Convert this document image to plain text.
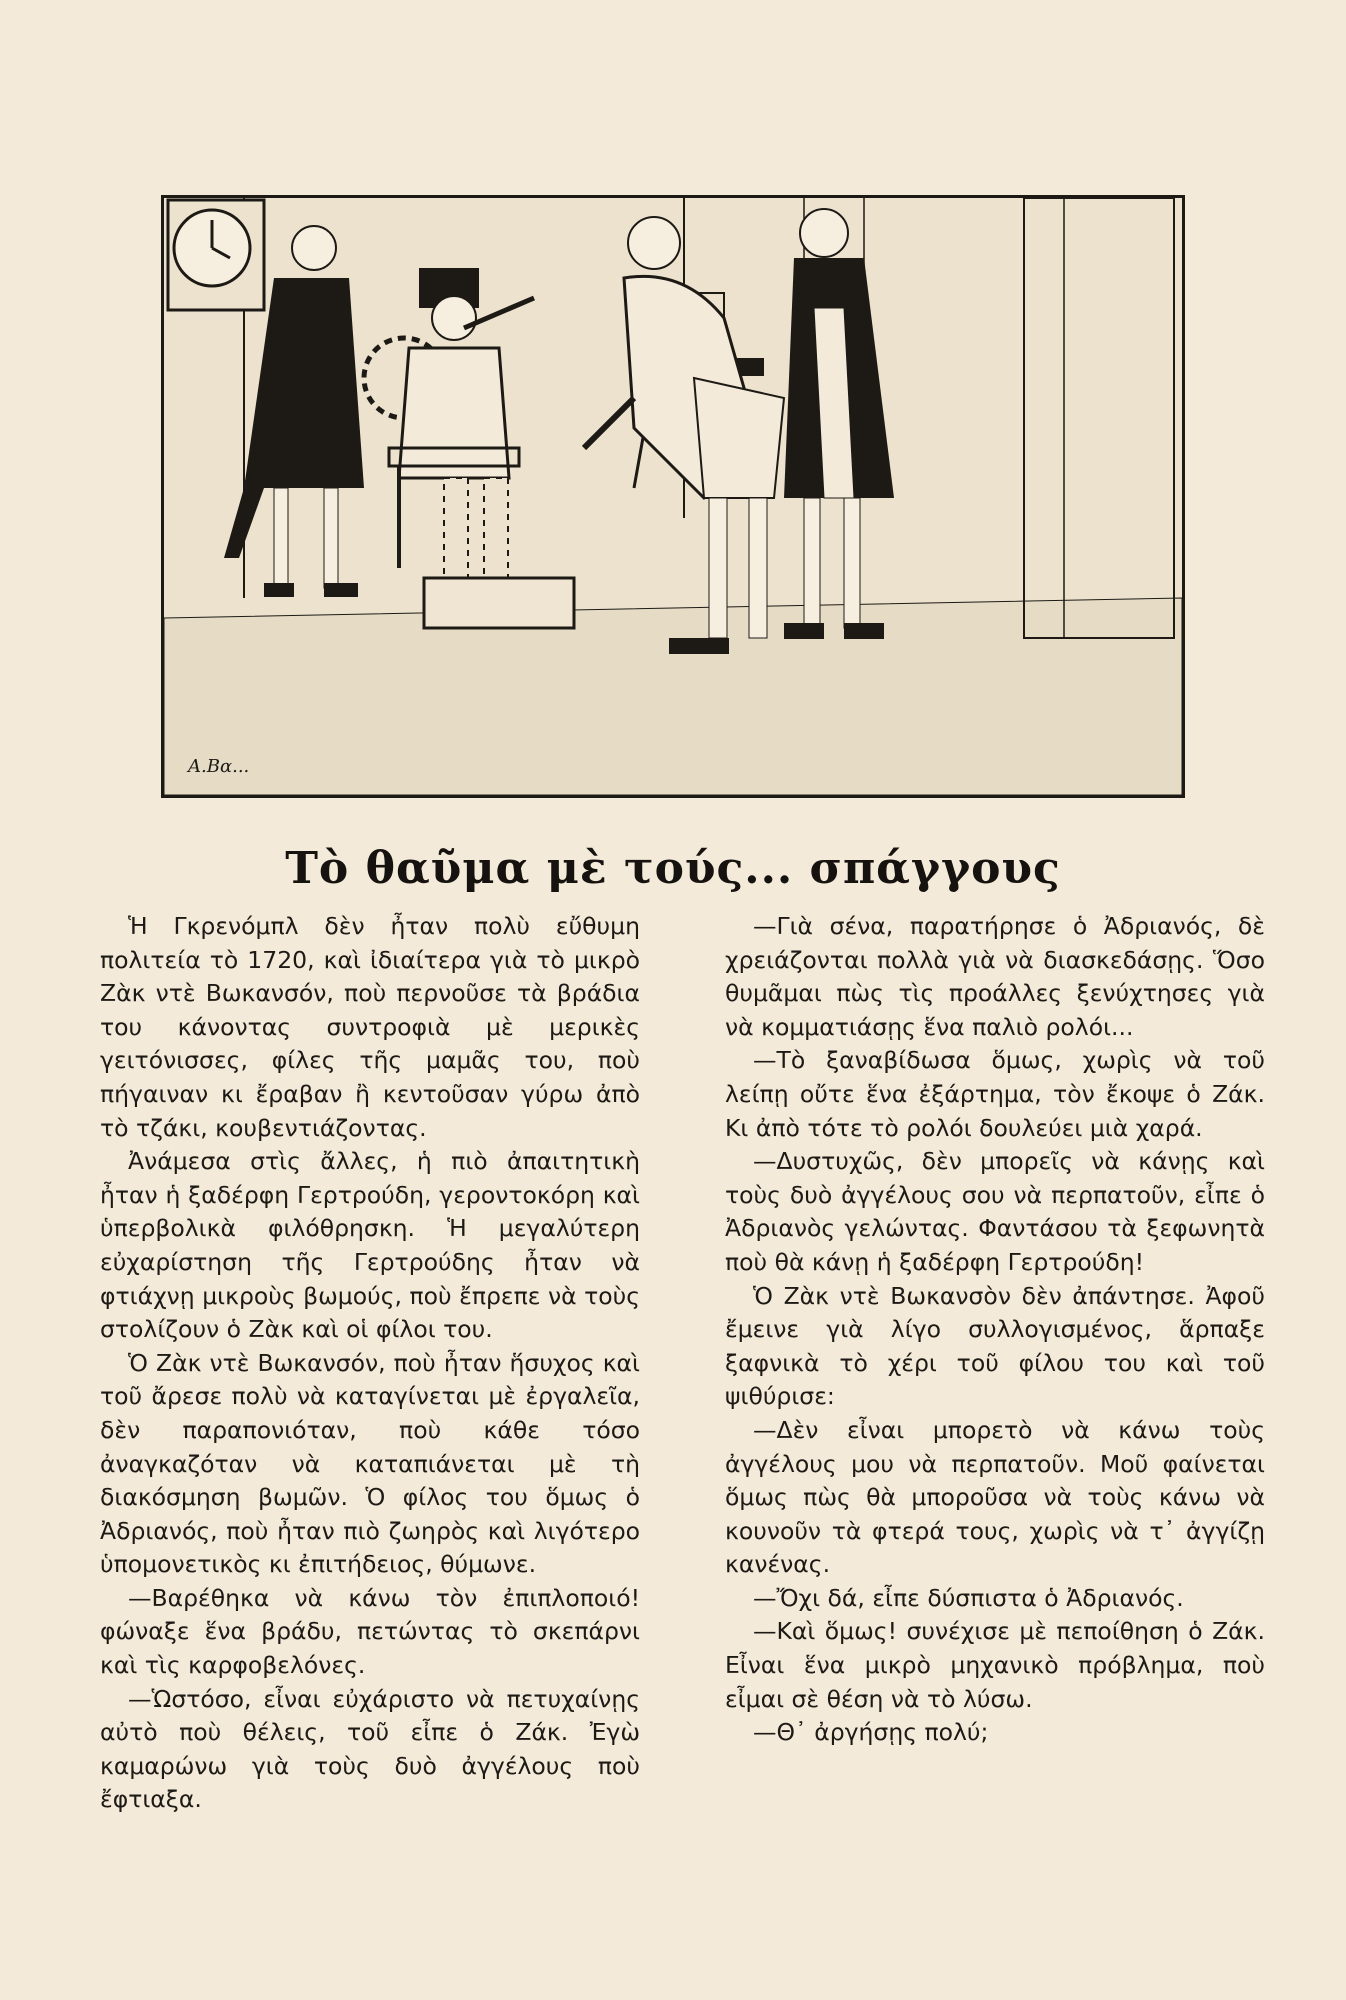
Α.Βα...
Τὸ θαῦμα μὲ τούς... σπάγγους

Ἡ Γκρενόμπλ δὲν ἦταν πολὺ εὔθυμη πολιτεία τὸ 1720, καὶ ἰδιαίτερα γιὰ τὸ μικρὸ Ζὰκ ντὲ Βωκανσόν, ποὺ περνοῦσε τὰ βράδια του κάνοντας συντροφιὰ μὲ μερικὲς γειτόνισσες, φίλες τῆς μαμᾶς του, ποὺ πήγαιναν κι ἔραβαν ἢ κεντοῦσαν γύρω ἀπὸ τὸ τζάκι, κουβεντιάζοντας.

Ἀνάμεσα στὶς ἄλλες, ἡ πιὸ ἀπαιτητικὴ ἦταν ἡ ξαδέρφη Γερτρούδη, γεροντοκόρη καὶ ὑπερβολικὰ φιλόθρησκη. Ἡ μεγαλύτερη εὐχαρίστηση τῆς Γερτρούδης ἦταν νὰ φτιάχνῃ μικροὺς βωμούς, ποὺ ἔπρεπε νὰ τοὺς στολίζουν ὁ Ζὰκ καὶ οἱ φίλοι του.

Ὁ Ζὰκ ντὲ Βωκανσόν, ποὺ ἦταν ἥσυχος καὶ τοῦ ἄρεσε πολὺ νὰ καταγίνεται μὲ ἐργαλεῖα, δὲν παραπονιόταν, ποὺ κάθε τόσο ἀναγκαζόταν νὰ καταπιάνεται μὲ τὴ διακόσμηση βωμῶν. Ὁ φίλος του ὅμως ὁ Ἀδριανός, ποὺ ἦταν πιὸ ζωηρὸς καὶ λιγότερο ὑπομονετικὸς κι ἐπιτήδειος, θύμωνε.

—Βαρέθηκα νὰ κάνω τὸν ἐπιπλοποιό! φώναξε ἕνα βράδυ, πετώντας τὸ σκεπάρνι καὶ τὶς καρφοβελόνες.

—Ὡστόσο, εἶναι εὐχάριστο νὰ πετυχαίνῃς αὐτὸ ποὺ θέλεις, τοῦ εἶπε ὁ Ζάκ. Ἐγὼ καμαρώνω γιὰ τοὺς δυὸ ἀγγέλους ποὺ ἔφτιαξα.

—Γιὰ σένα, παρατήρησε ὁ Ἀδριανός, δὲ χρειάζονται πολλὰ γιὰ νὰ διασκεδάσῃς. Ὅσο θυμᾶμαι πὼς τὶς προάλλες ξενύχτησες γιὰ νὰ κομματιάσῃς ἕνα παλιὸ ρολόι...

—Τὸ ξαναβίδωσα ὅμως, χωρὶς νὰ τοῦ λείπῃ οὔτε ἕνα ἐξάρτημα, τὸν ἔκοψε ὁ Ζάκ. Κι ἀπὸ τότε τὸ ρολόι δουλεύει μιὰ χαρά.

—Δυστυχῶς, δὲν μπορεῖς νὰ κάνῃς καὶ τοὺς δυὸ ἀγγέλους σου νὰ περπατοῦν, εἶπε ὁ Ἀδριανὸς γελώντας. Φαντάσου τὰ ξεφωνητὰ ποὺ θὰ κάνῃ ἡ ξαδέρφη Γερτρούδη!

Ὁ Ζὰκ ντὲ Βωκανσὸν δὲν ἀπάντησε. Ἀφοῦ ἔμεινε γιὰ λίγο συλλογισμένος, ἅρπαξε ξαφνικὰ τὸ χέρι τοῦ φίλου του καὶ τοῦ ψιθύρισε:

—Δὲν εἶναι μπορετὸ νὰ κάνω τοὺς ἀγγέλους μου νὰ περπατοῦν. Μοῦ φαίνεται ὅμως πὼς θὰ μποροῦσα νὰ τοὺς κάνω νὰ κουνοῦν τὰ φτερά τους, χωρὶς νὰ τ᾿ ἀγγίζῃ κανένας.

—Ὄχι δά, εἶπε δύσπιστα ὁ Ἀδριανός.

—Καὶ ὅμως! συνέχισε μὲ πεποίθηση ὁ Ζάκ. Εἶναι ἕνα μικρὸ μηχανικὸ πρόβλημα, ποὺ εἶμαι σὲ θέση νὰ τὸ λύσω.

—Θ᾿ ἀργήσῃς πολύ;
